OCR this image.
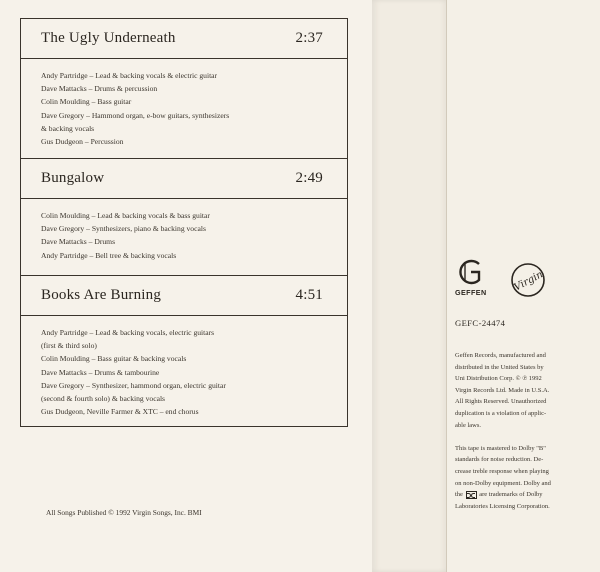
The Ugly Underneath	2:37
Andy Partridge – Lead & backing vocals & electric guitar
Dave Mattacks – Drums & percussion
Colin Moulding – Bass guitar
Dave Gregory – Hammond organ, e-bow guitars, synthesizers
& backing vocals
Gus Dudgeon – Percussion
Bungalow	2:49
Colin Moulding – Lead & backing vocals & bass guitar
Dave Gregory – Synthesizers, piano & backing vocals
Dave Mattacks – Drums
Andy Partridge – Bell tree & backing vocals
Books Are Burning	4:51
Andy Partridge – Lead & backing vocals, electric guitars
(first & third solo)
Colin Moulding – Bass guitar & backing vocals
Dave Mattacks – Drums & tambourine
Dave Gregory – Synthesizer, hammond organ, electric guitar
(second & fourth solo) & backing vocals
Gus Dudgeon, Neville Farmer & XTC – end chorus
All Songs Published © 1992 Virgin Songs, Inc. BMI
GEFFEN	Virgin
GEFC-24474
Geffen Records, manufactured and
distributed in the United States by
Uni Distribution Corp. © ℗ 1992
Virgin Records Ltd. Made in U.S.A.
All Rights Reserved. Unauthorized
duplication is a violation of applic-
able laws.
This tape is mastered to Dolby "B"
standards for noise reduction. De-
crease treble response when playing
on non-Dolby equipment. Dolby and
the	are trademarks of Dolby
Laboratories Licensing Corporation.
